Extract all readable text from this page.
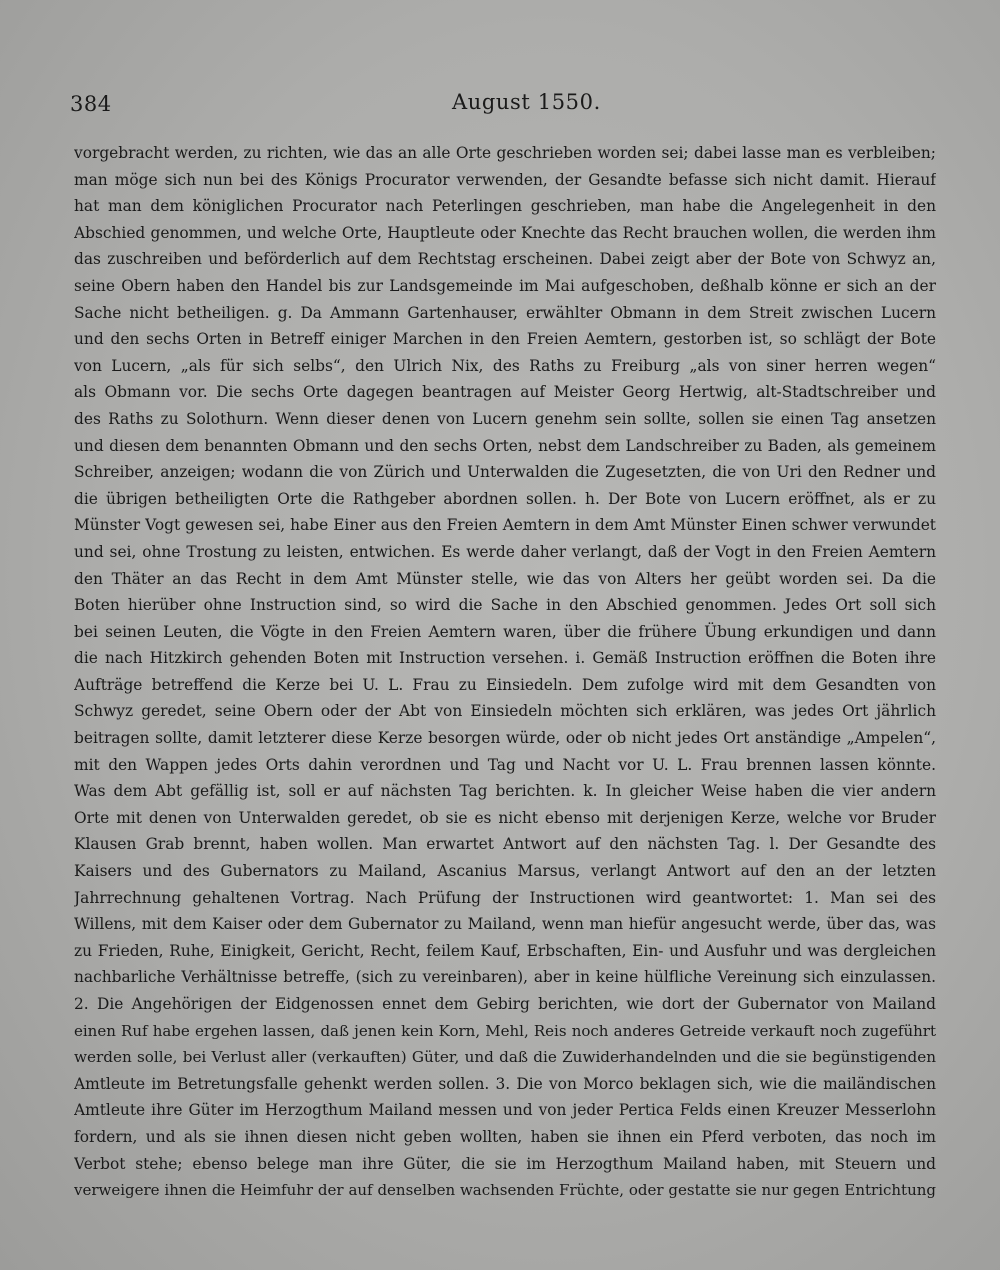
384	August 1550.
vorgebracht werden, zu richten, wie das an alle Orte geschrieben worden sei; dabei lasse man es verbleiben;
man möge sich nun bei des Königs Procurator verwenden, der Gesandte befasse sich nicht damit. Hierauf
hat man dem königlichen Procurator nach Peterlingen geschrieben, man habe die Angelegenheit in den
Abschied genommen, und welche Orte, Hauptleute oder Knechte das Recht brauchen wollen, die werden ihm
das zuschreiben und beförderlich auf dem Rechtstag erscheinen. Dabei zeigt aber der Bote von Schwyz an,
seine Obern haben den Handel bis zur Landsgemeinde im Mai aufgeschoben, deßhalb könne er sich an der
Sache nicht betheiligen. g. Da Ammann Gartenhauser, erwählter Obmann in dem Streit zwischen Lucern
und den sechs Orten in Betreff einiger Marchen in den Freien Aemtern, gestorben ist, so schlägt der Bote
von Lucern, „als für sich selbs“, den Ulrich Nix, des Raths zu Freiburg „als von siner herren wegen“
als Obmann vor. Die sechs Orte dagegen beantragen auf Meister Georg Hertwig, alt-Stadtschreiber und
des Raths zu Solothurn. Wenn dieser denen von Lucern genehm sein sollte, sollen sie einen Tag ansetzen
und diesen dem benannten Obmann und den sechs Orten, nebst dem Landschreiber zu Baden, als gemeinem
Schreiber, anzeigen; wodann die von Zürich und Unterwalden die Zugesetzten, die von Uri den Redner und
die übrigen betheiligten Orte die Rathgeber abordnen sollen. h. Der Bote von Lucern eröffnet, als er zu
Münster Vogt gewesen sei, habe Einer aus den Freien Aemtern in dem Amt Münster Einen schwer verwundet
und sei, ohne Trostung zu leisten, entwichen. Es werde daher verlangt, daß der Vogt in den Freien Aemtern
den Thäter an das Recht in dem Amt Münster stelle, wie das von Alters her geübt worden sei. Da die
Boten hierüber ohne Instruction sind, so wird die Sache in den Abschied genommen. Jedes Ort soll sich
bei seinen Leuten, die Vögte in den Freien Aemtern waren, über die frühere Übung erkundigen und dann
die nach Hitzkirch gehenden Boten mit Instruction versehen. i. Gemäß Instruction eröffnen die Boten ihre
Aufträge betreffend die Kerze bei U. L. Frau zu Einsiedeln. Dem zufolge wird mit dem Gesandten von
Schwyz geredet, seine Obern oder der Abt von Einsiedeln möchten sich erklären, was jedes Ort jährlich
beitragen sollte, damit letzterer diese Kerze besorgen würde, oder ob nicht jedes Ort anständige „Ampelen“,
mit den Wappen jedes Orts dahin verordnen und Tag und Nacht vor U. L. Frau brennen lassen könnte.
Was dem Abt gefällig ist, soll er auf nächsten Tag berichten. k. In gleicher Weise haben die vier andern
Orte mit denen von Unterwalden geredet, ob sie es nicht ebenso mit derjenigen Kerze, welche vor Bruder
Klausen Grab brennt, haben wollen. Man erwartet Antwort auf den nächsten Tag. l. Der Gesandte des
Kaisers und des Gubernators zu Mailand, Ascanius Marsus, verlangt Antwort auf den an der letzten
Jahrrechnung gehaltenen Vortrag. Nach Prüfung der Instructionen wird geantwortet: 1. Man sei des
Willens, mit dem Kaiser oder dem Gubernator zu Mailand, wenn man hiefür angesucht werde, über das, was
zu Frieden, Ruhe, Einigkeit, Gericht, Recht, feilem Kauf, Erbschaften, Ein- und Ausfuhr und was dergleichen
nachbarliche Verhältnisse betreffe, (sich zu vereinbaren), aber in keine hülfliche Vereinung sich einzulassen.
2. Die Angehörigen der Eidgenossen ennet dem Gebirg berichten, wie dort der Gubernator von Mailand
einen Ruf habe ergehen lassen, daß jenen kein Korn, Mehl, Reis noch anderes Getreide verkauft noch zugeführt
werden solle, bei Verlust aller (verkauften) Güter, und daß die Zuwiderhandelnden und die sie begünstigenden
Amtleute im Betretungsfalle gehenkt werden sollen. 3. Die von Morco beklagen sich, wie die mailändischen
Amtleute ihre Güter im Herzogthum Mailand messen und von jeder Pertica Felds einen Kreuzer Messerlohn
fordern, und als sie ihnen diesen nicht geben wollten, haben sie ihnen ein Pferd verboten, das noch im
Verbot stehe; ebenso belege man ihre Güter, die sie im Herzogthum Mailand haben, mit Steuern und
verweigere ihnen die Heimfuhr der auf denselben wachsenden Früchte, oder gestatte sie nur gegen Entrichtung
